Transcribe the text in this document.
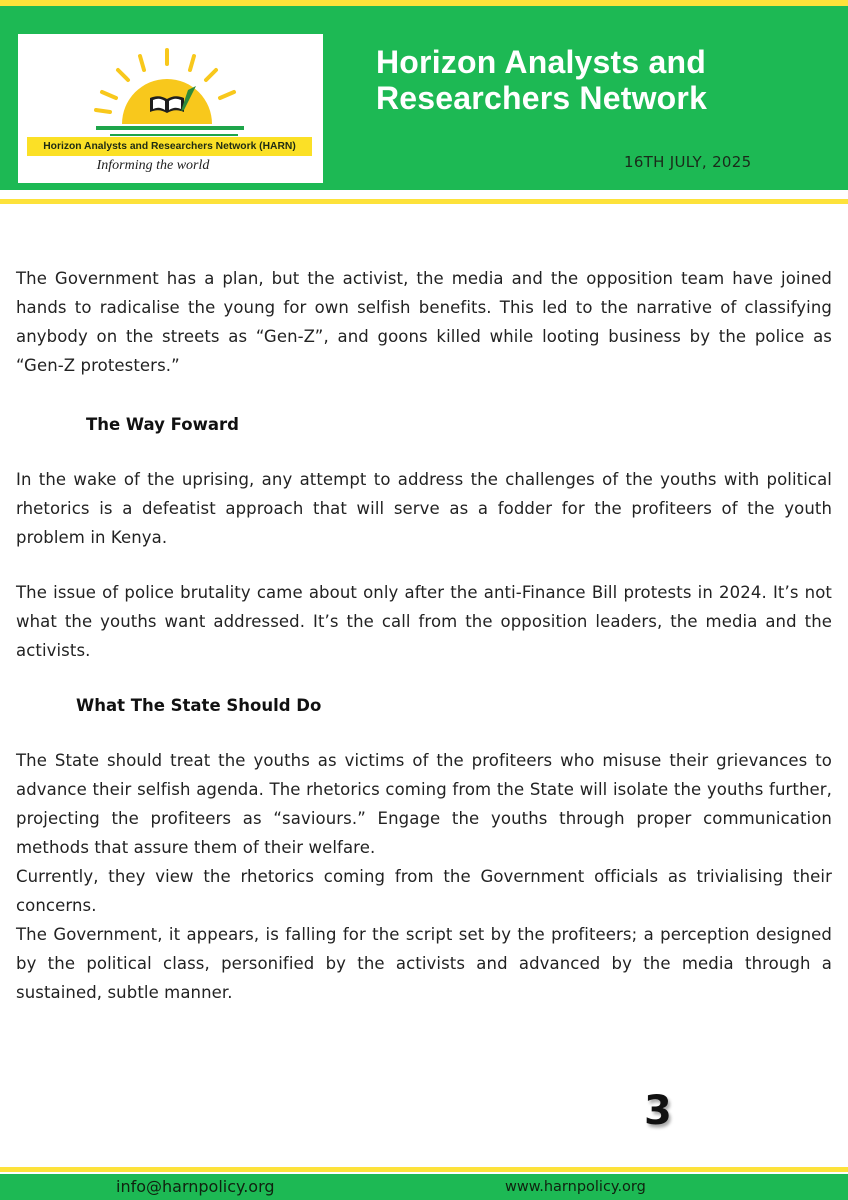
Horizon Analysts and Researchers Network (HARN)
Informing the world
Horizon Analysts and
Researchers Network
16TH JULY, 2025

The Government has a plan, but the activist, the media and the opposition team have joined hands to radicalise the young for own selfish benefits. This led to the narrative of classifying anybody on the streets as “Gen-Z”, and goons killed while looting business by the police as “Gen-Z protesters.”

The Way Foward

In the wake of the uprising, any attempt to address the challenges of the youths with political rhetorics is a defeatist approach that will serve as a fodder for the profiteers of the youth problem in Kenya.

The issue of police brutality came about only after the anti-Finance Bill protests in 2024. It’s not what the youths want addressed. It’s the call from the opposition leaders, the media and the activists.

What The State Should Do

The State should treat the youths as victims of the profiteers who misuse their grievances to advance their selfish agenda. The rhetorics coming from the State will isolate the youths further, projecting the profiteers as “saviours.” Engage the youths through proper communication methods that assure them of their welfare.

Currently, they view the rhetorics coming from the Government officials as trivialising their concerns.

The Government, it appears, is falling for the script set by the profiteers; a perception designed by the political class, personified by the activists and advanced by the media through a sustained, subtle manner.

3
info@harnpolicy.org	www.harnpolicy.org
